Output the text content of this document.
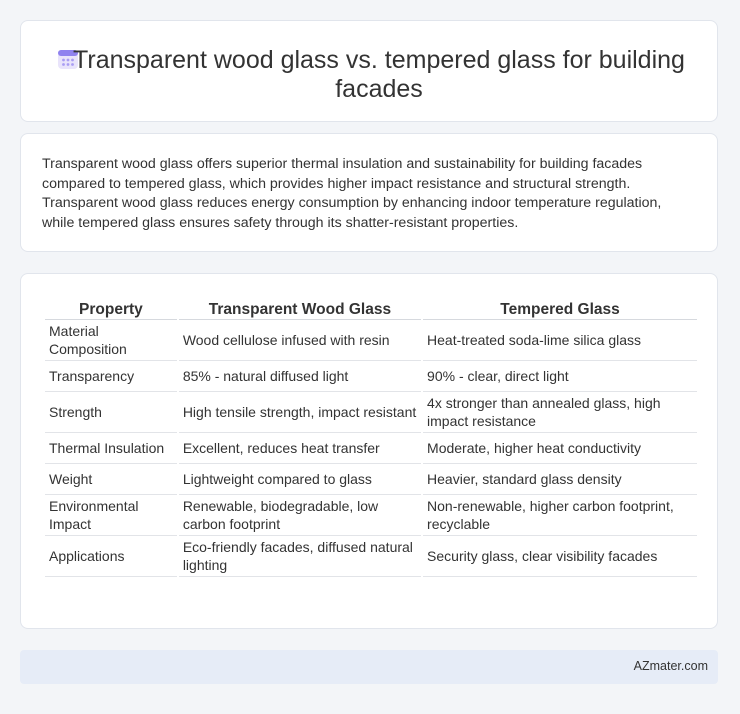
Transparent wood glass vs. tempered glass for building facades

Transparent wood glass offers superior thermal insulation and sustainability for building facades compared to tempered glass, which provides higher impact resistance and structural strength. Transparent wood glass reduces energy consumption by enhancing indoor temperature regulation, while tempered glass ensures safety through its shatter-resistant properties.

Property	Transparent Wood Glass	Tempered Glass
Material Composition	Wood cellulose infused with resin	Heat-treated soda-lime silica glass
Transparency	85% - natural diffused light	90% - clear, direct light
Strength	High tensile strength, impact resistant	4x stronger than annealed glass, high impact resistance
Thermal Insulation	Excellent, reduces heat transfer	Moderate, higher heat conductivity
Weight	Lightweight compared to glass	Heavier, standard glass density
Environmental Impact	Renewable, biodegradable, low carbon footprint	Non-renewable, higher carbon footprint, recyclable
Applications	Eco-friendly facades, diffused natural lighting	Security glass, clear visibility facades
AZmater.com
